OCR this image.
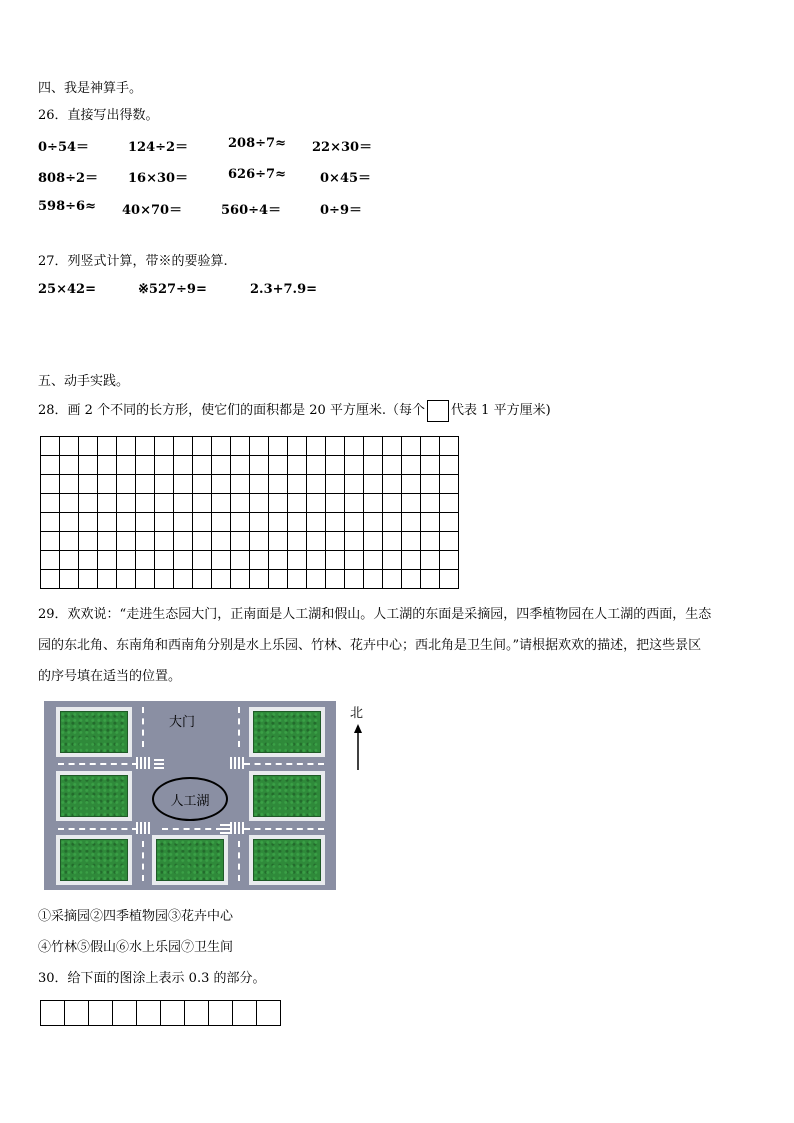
四、我是神算手。
26．直接写出得数。
0÷54＝	124÷2＝	208÷7≈ 22×30＝
808÷2＝ 16×30＝	626÷7≈	0×45＝
598÷6≈ 40×70＝	560÷4＝	0÷9＝
27．列竖式计算，带※的要验算.
25×42=	※527÷9=	2.3+7.9=
五、动手实践。
28．画 2 个不同的长方形，使它们的面积都是 20 平方厘米.（每个 代表 1 平方厘米)

29．欢欢说：“走进生态园大门，正南面是人工湖和假山。人工湖的东面是采摘园，四季植物园在人工湖的西面，生态
园的东北角、东南角和西南角分别是水上乐园、竹林、花卉中心；西北角是卫生间。”请根据欢欢的描述，把这些景区
的序号填在适当的位置。
大门
人工湖
北
①采摘园②四季植物园③花卉中心
④竹林⑤假山⑥水上乐园⑦卫生间
30．给下面的图涂上表示 0.3 的部分。
